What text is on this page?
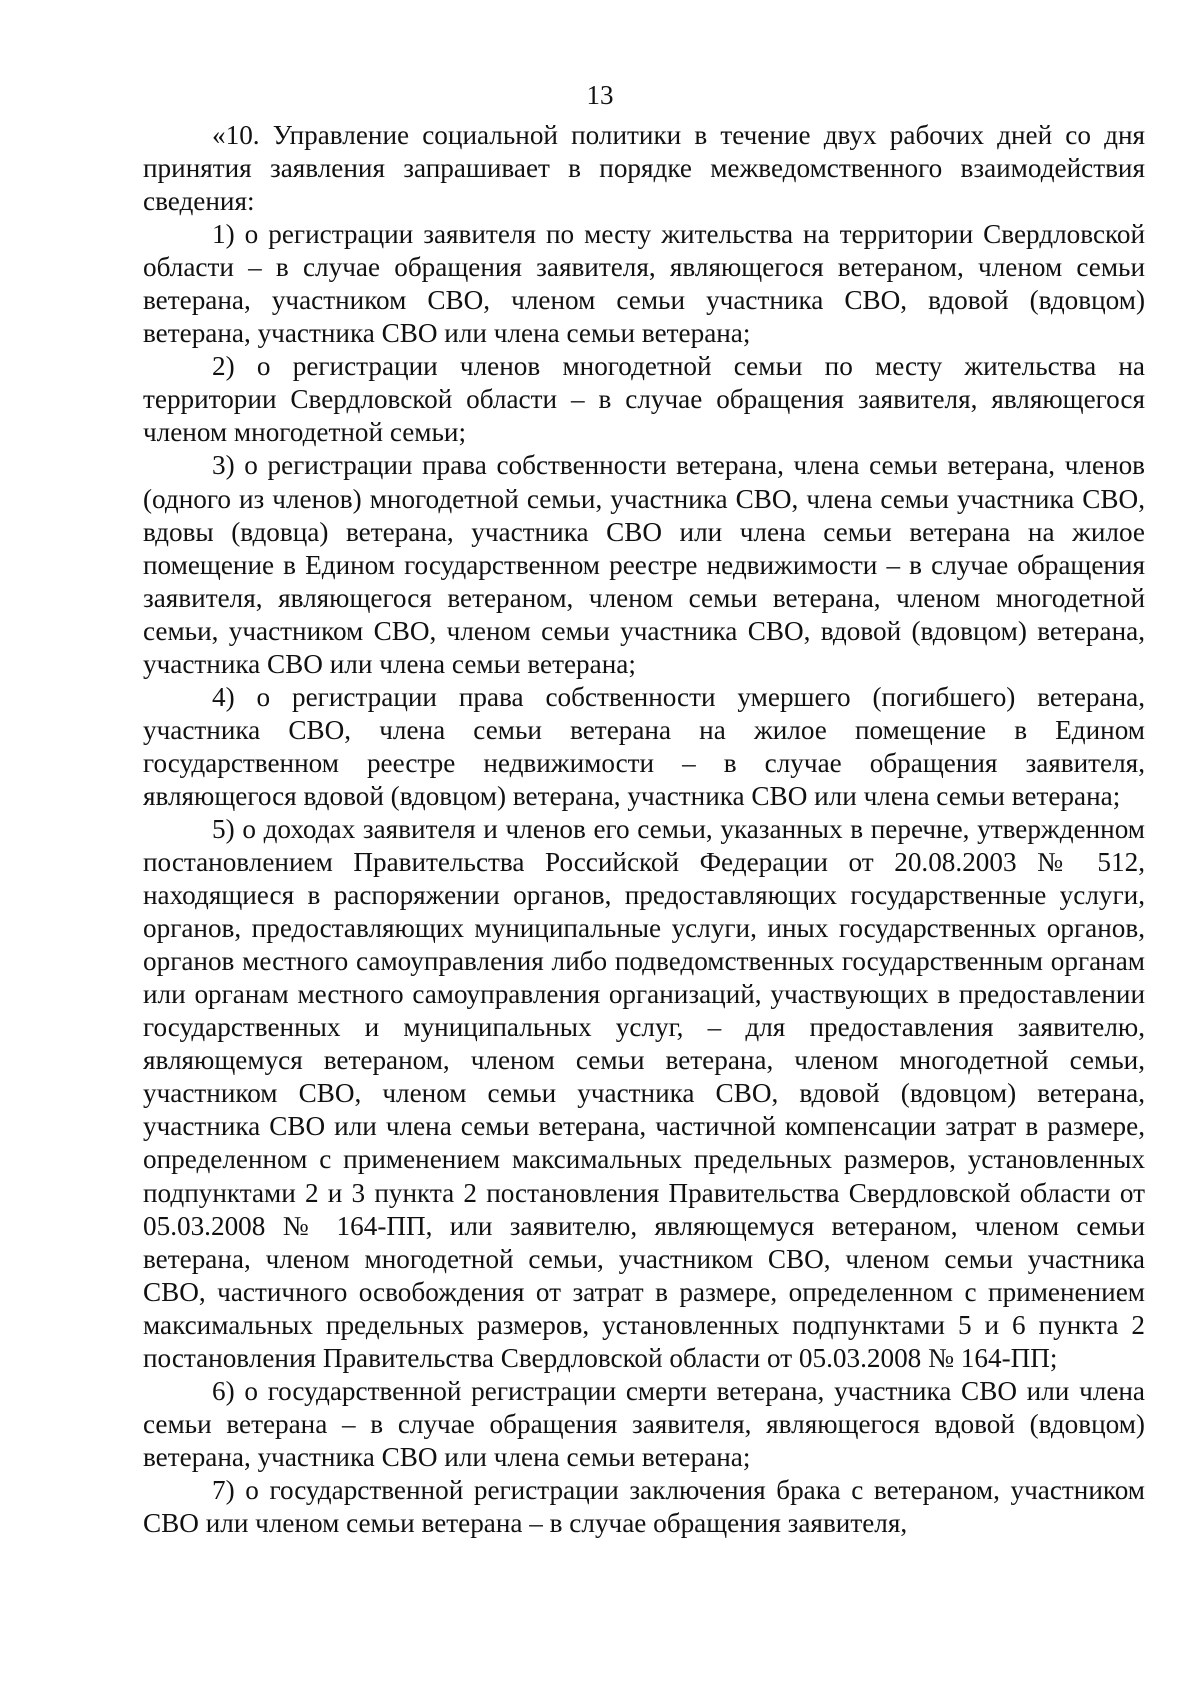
13

«10. Управление социальной политики в течение двух рабочих дней со дня принятия заявления запрашивает в порядке межведомственного взаимодействия сведения:

1) о регистрации заявителя по месту жительства на территории Свердловской области – в случае обращения заявителя, являющегося ветераном, членом семьи ветерана, участником СВО, членом семьи участника СВО, вдовой (вдовцом) ветерана, участника СВО или члена семьи ветерана;

2) о регистрации членов многодетной семьи по месту жительства на территории Свердловской области – в случае обращения заявителя, являющегося членом многодетной семьи;

3) о регистрации права собственности ветерана, члена семьи ветерана, членов (одного из членов) многодетной семьи, участника СВО, члена семьи участника СВО, вдовы (вдовца) ветерана, участника СВО или члена семьи ветерана на жилое помещение в Едином государственном реестре недвижимости – в случае обращения заявителя, являющегося ветераном, членом семьи ветерана, членом многодетной семьи, участником СВО, членом семьи участника СВО, вдовой (вдовцом) ветерана, участника СВО или члена семьи ветерана;

4) о регистрации права собственности умершего (погибшего) ветерана, участника СВО, члена семьи ветерана на жилое помещение в Едином государственном реестре недвижимости – в случае обращения заявителя, являющегося вдовой (вдовцом) ветерана, участника СВО или члена семьи ветерана;

5) о доходах заявителя и членов его семьи, указанных в перечне, утвержденном постановлением Правительства Российской Федерации от 20.08.2003 № 512, находящиеся в распоряжении органов, предоставляющих государственные услуги, органов, предоставляющих муниципальные услуги, иных государственных органов, органов местного самоуправления либо подведомственных государственным органам или органам местного самоуправления организаций, участвующих в предоставлении государственных и муниципальных услуг, – для предоставления заявителю, являющемуся ветераном, членом семьи ветерана, членом многодетной семьи, участником СВО, членом семьи участника СВО, вдовой (вдовцом) ветерана, участника СВО или члена семьи ветерана, частичной компенсации затрат в размере, определенном с применением максимальных предельных размеров, установленных подпунктами 2 и 3 пункта 2 постановления Правительства Свердловской области от 05.03.2008 № 164-ПП, или заявителю, являющемуся ветераном, членом семьи ветерана, членом многодетной семьи, участником СВО, членом семьи участника СВО, частичного освобождения от затрат в размере, определенном с применением максимальных предельных размеров, установленных подпунктами 5 и 6 пункта 2 постановления Правительства Свердловской области от 05.03.2008 № 164-ПП;

6) о государственной регистрации смерти ветерана, участника СВО или члена семьи ветерана – в случае обращения заявителя, являющегося вдовой (вдовцом) ветерана, участника СВО или члена семьи ветерана;

7) о государственной регистрации заключения брака с ветераном, участником СВО или членом семьи ветерана – в случае обращения заявителя,
